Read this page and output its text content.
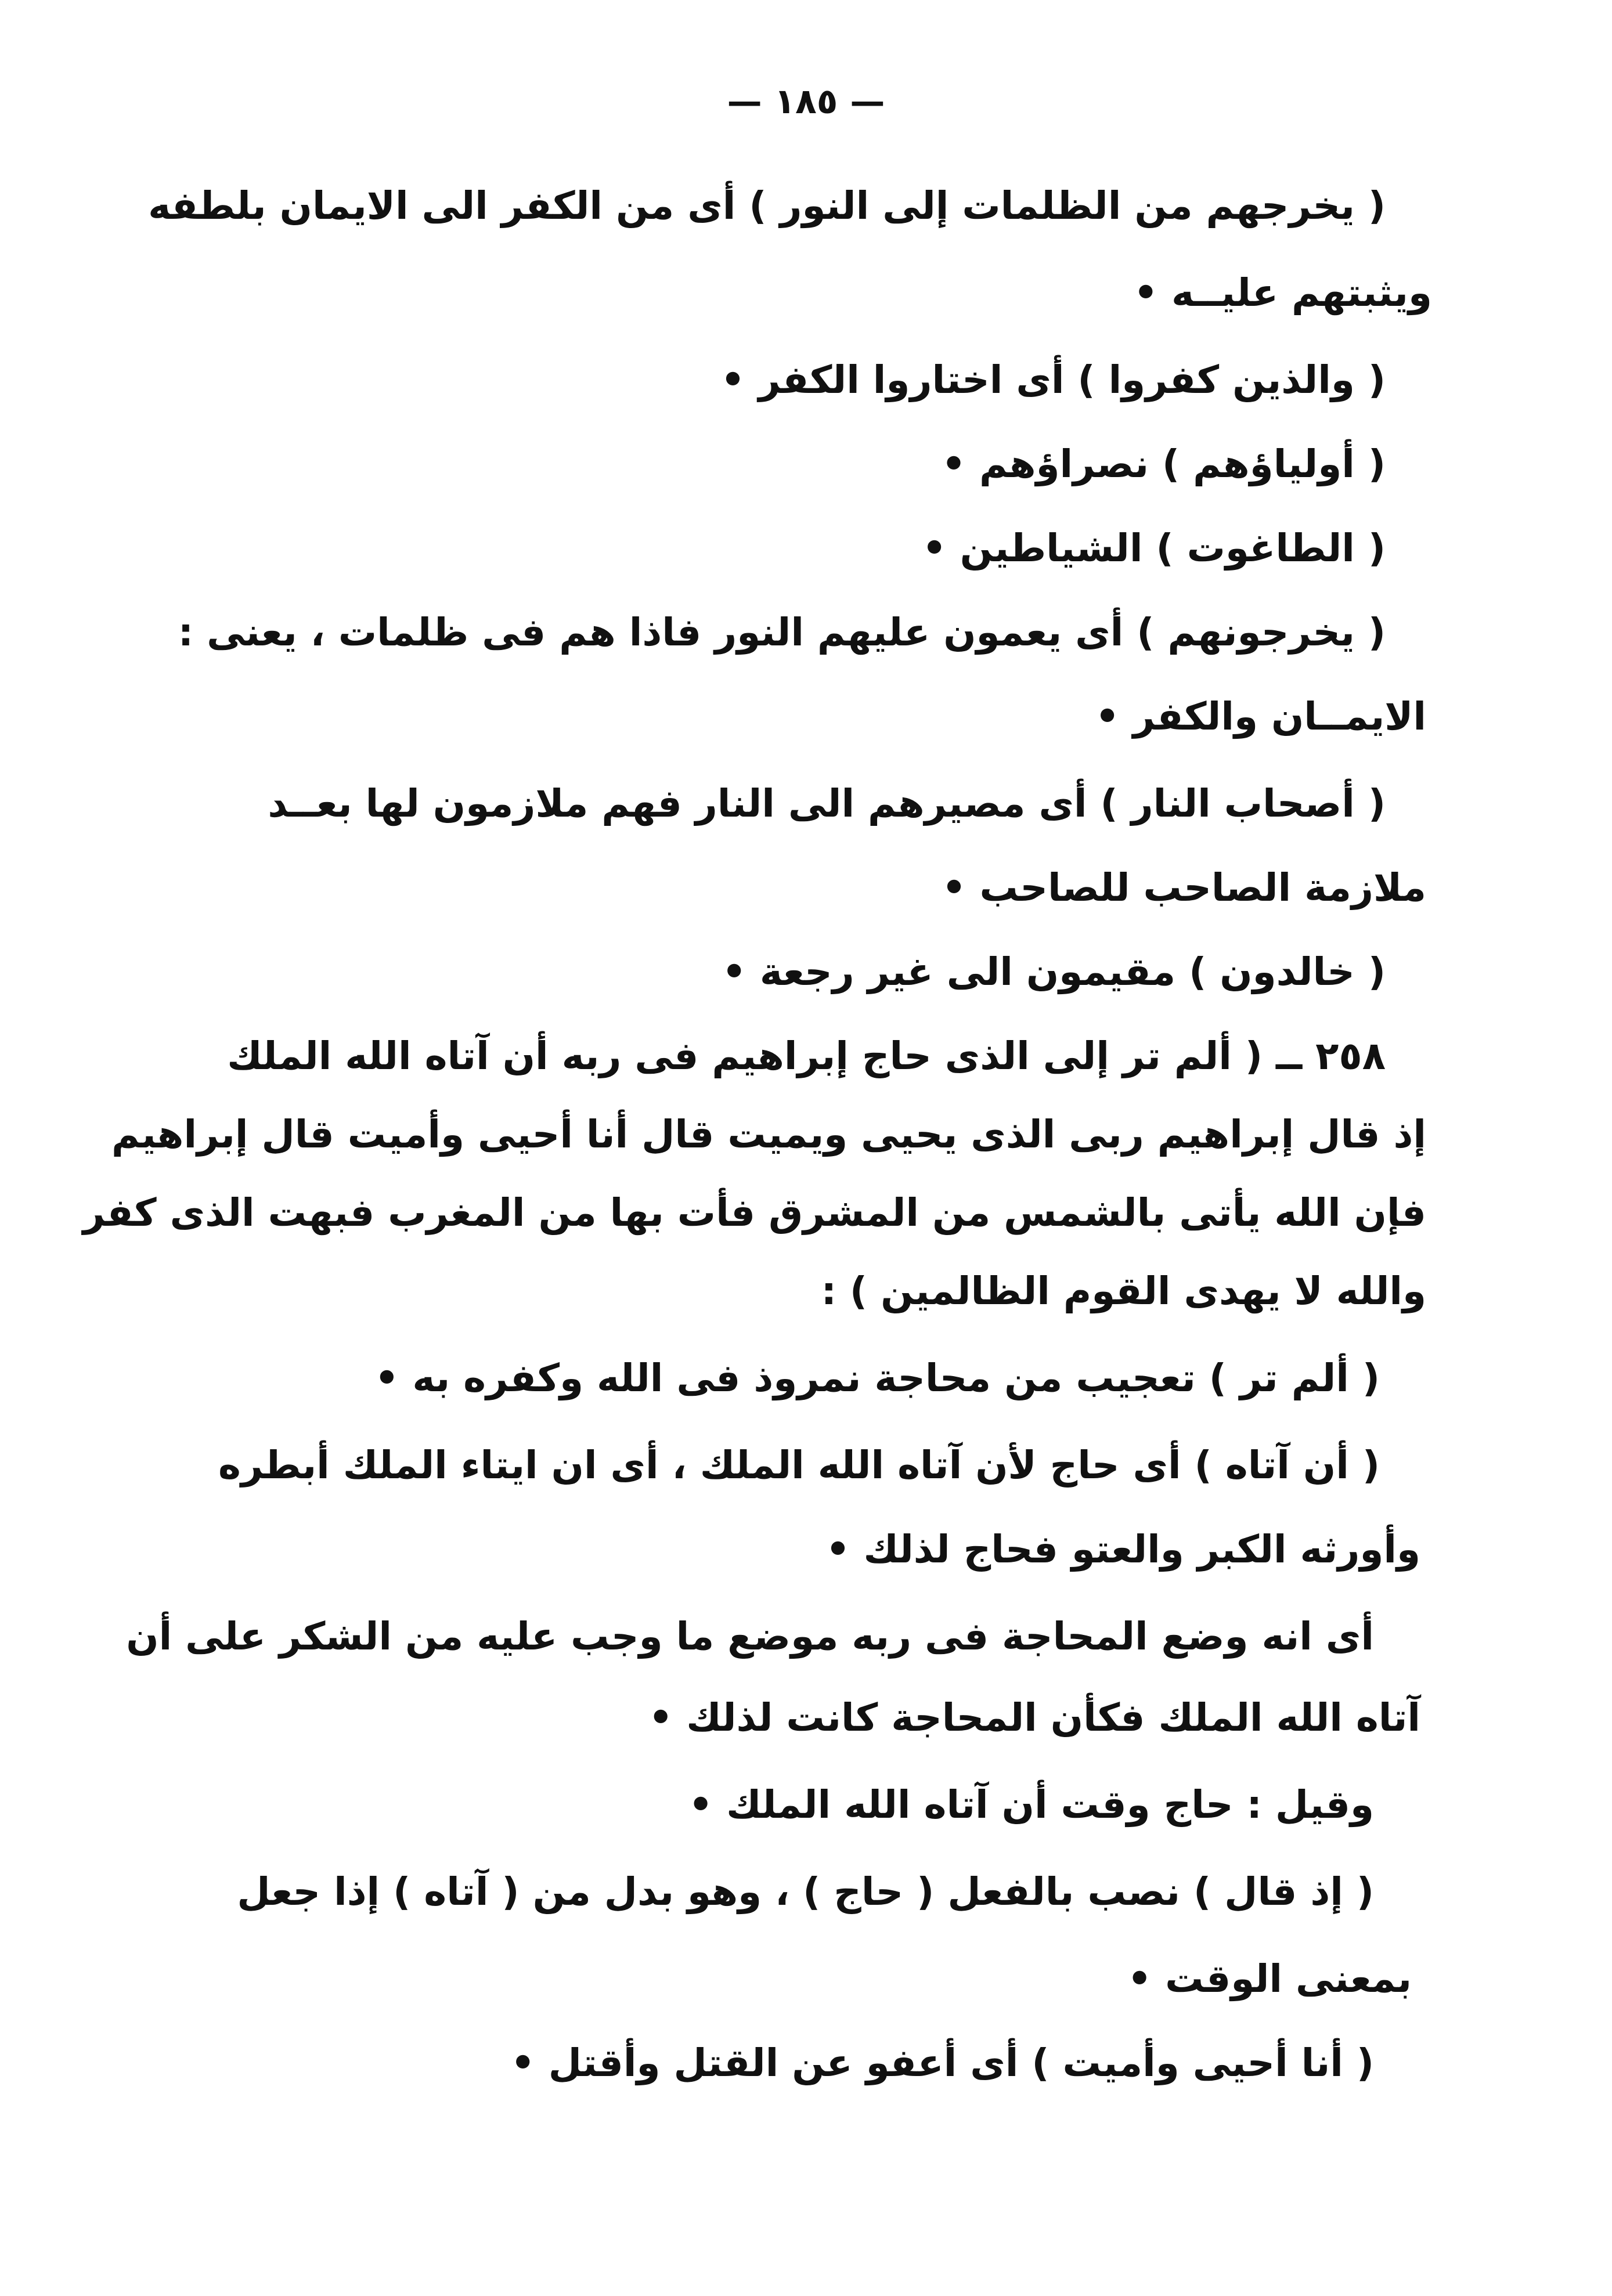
— ١٨٥ —
( يخرجهم من الظلمات إلى النور ) أى من الكفر الى الايمان بلطفه
ويثبتهم عليــه •
( والذين كفروا ) أى اختاروا الكفر •
( أولياؤهم ) نصراؤهم •
( الطاغوت ) الشياطين •
( يخرجونهم ) أى يعمون عليهم النور فاذا هم فى ظلمات ، يعنى :
الايمــان والكفر •
( أصحاب النار ) أى مصيرهم الى النار فهم ملازمون لها بعــد
ملازمة الصاحب للصاحب •
( خالدون ) مقيمون الى غير رجعة •
٢٥٨ ــ ( ألم تر إلى الذى حاج إبراهيم فى ربه أن آتاه الله الملك
إذ قال إبراهيم ربى الذى يحيى ويميت قال أنا أحيى وأميت قال إبراهيم
فإن الله يأتى بالشمس من المشرق فأت بها من المغرب فبهت الذى كفر
والله لا يهدى القوم الظالمين ) :
( ألم تر ) تعجيب من محاجة نمروذ فى الله وكفره به •
( أن آتاه ) أى حاج لأن آتاه الله الملك ، أى ان ايتاء الملك أبطره
وأورثه الكبر والعتو فحاج لذلك •
أى انه وضع المحاجة فى ربه موضع ما وجب عليه من الشكر على أن
آتاه الله الملك فكأن المحاجة كانت لذلك •
وقيل : حاج وقت أن آتاه الله الملك •
( إذ قال ) نصب بالفعل ( حاج ) ، وهو بدل من ( آتاه ) إذا جعل
بمعنى الوقت •
( أنا أحيى وأميت ) أى أعفو عن القتل وأقتل •
